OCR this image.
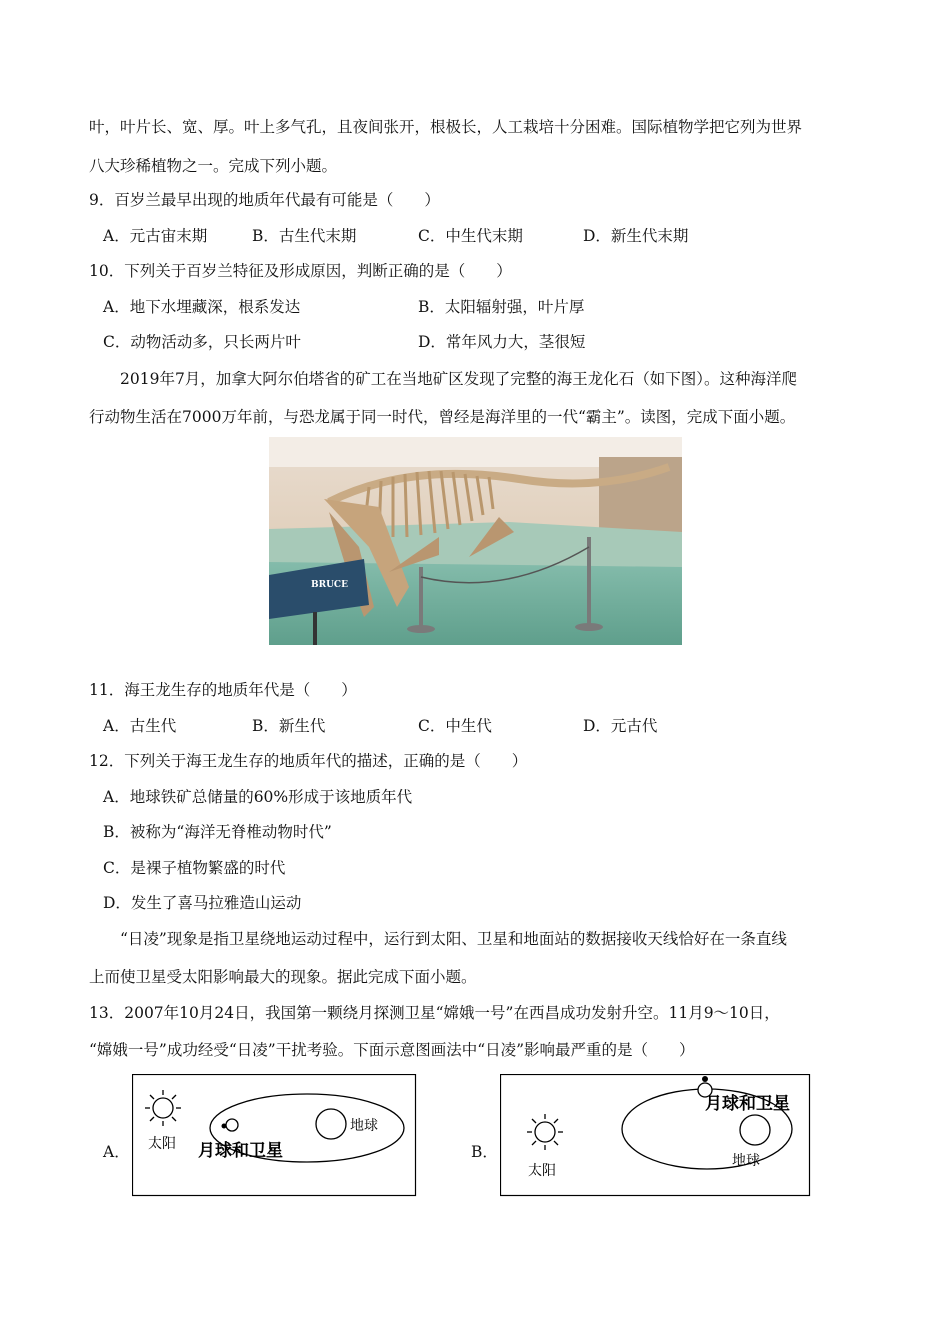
叶，叶片长、宽、厚。叶上多气孔，且夜间张开，根极长，人工栽培十分困难。国际植物学把它列为世界
八大珍稀植物之一。完成下列小题。
9．百岁兰最早出现的地质年代最有可能是（　　）
A．元古宙末期	B．古生代末期	C．中生代末期	D．新生代末期
10．下列关于百岁兰特征及形成原因，判断正确的是（　　）
A．地下水埋藏深，根系发达	B．太阳辐射强，叶片厚
C．动物活动多，只长两片叶	D．常年风力大，茎很短
2019年7月，加拿大阿尔伯塔省的矿工在当地矿区发现了完整的海王龙化石（如下图）。这种海洋爬
行动物生活在7000万年前，与恐龙属于同一时代，曾经是海洋里的一代“霸主”。读图，完成下面小题。
BRUCE
11．海王龙生存的地质年代是（　　）
A．古生代	B．新生代	C．中生代	D．元古代
12．下列关于海王龙生存的地质年代的描述，正确的是（　　）
A．地球铁矿总储量的60%形成于该地质年代
B．被称为“海洋无脊椎动物时代”
C．是裸子植物繁盛的时代
D．发生了喜马拉雅造山运动
“日凌”现象是指卫星绕地运动过程中，运行到太阳、卫星和地面站的数据接收天线恰好在一条直线
上而使卫星受太阳影响最大的现象。据此完成下面小题。
13．2007年10月24日，我国第一颗绕月探测卫星“嫦娥一号”在西昌成功发射升空。11月9～10日，
“嫦娥一号”成功经受“日凌”干扰考验。下面示意图画法中“日凌”影响最严重的是（　　）
A． 太阳
地球
月球和卫星	B．
太阳
地球
月球和卫星
